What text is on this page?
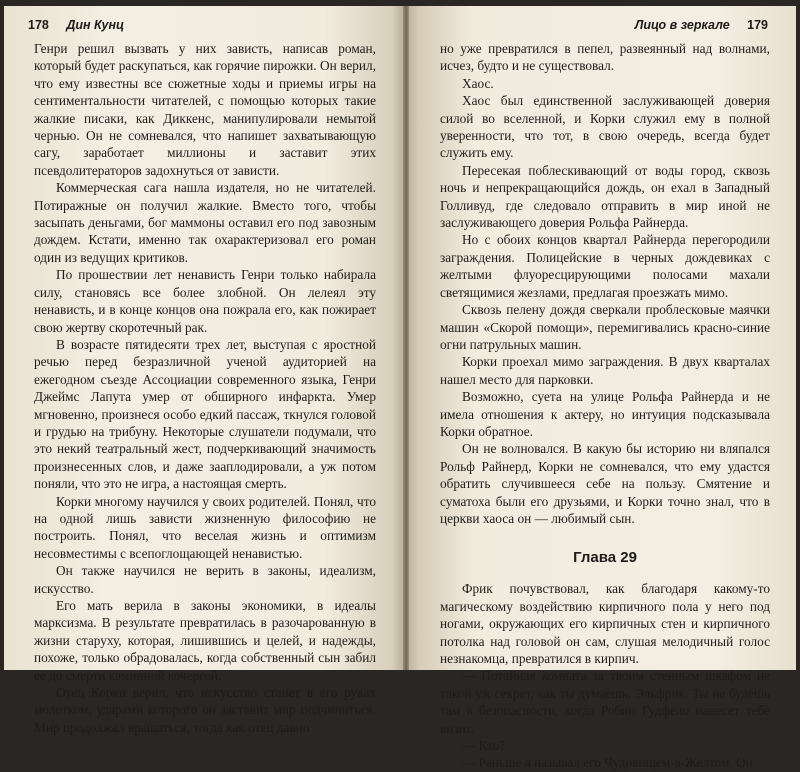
178 Дин Кунц

Генри решил вызвать у них зависть, написав роман, который будет раскупаться, как горячие пирожки. Он верил, что ему известны все сюжетные ходы и приемы игры на сентиментальности читателей, с помощью которых такие жалкие писаки, как Диккенс, манипулировали немытой чернью. Он не сомневался, что напишет захватывающую сагу, заработает миллионы и заставит этих псевдолитераторов задохнуться от зависти.

Коммерческая сага нашла издателя, но не читателей. Потиражные он получил жалкие. Вместо того, чтобы засыпать деньгами, бог маммоны оставил его под завозным дождем. Кстати, именно так охарактеризовал его роман один из ведущих критиков.

По прошествии лет ненависть Генри только набирала силу, становясь все более злобной. Он лелеял эту ненависть, и в конце концов она пожрала его, как пожирает свою жертву скоротечный рак.

В возрасте пятидесяти трех лет, выступая с яростной речью перед безразличной ученой аудиторией на ежегодном съезде Ассоциации современного языка, Генри Джеймс Лапута умер от обширного инфаркта. Умер мгновенно, произнеся особо едкий пассаж, ткнулся головой и грудью на трибуну. Некоторые слушатели подумали, что это некий театральный жест, подчеркивающий значимость произнесенных слов, и даже зааплодировали, а уж потом поняли, что это не игра, а настоящая смерть.

Корки многому научился у своих родителей. Понял, что на одной лишь зависти жизненную философию не построить. Понял, что веселая жизнь и оптимизм несовместимы с всепоглощающей ненавистью.

Он также научился не верить в законы, идеализм, искусство.

Его мать верила в законы экономики, в идеалы марксизма. В результате превратилась в разочарованную в жизни старуху, которая, лишившись и целей, и надежды, похоже, только обрадовалась, когда собственный сын забил ее до смерти каминной кочергой.

Отец Корки верил, что искусство станет в его руках молотком, ударами которого он заставит мир подчиниться. Мир продолжал вращаться, тогда как отец давно

Лицо в зеркале 179

но уже превратился в пепел, развеянный над волнами, исчез, будто и не существовал.

Хаос.

Хаос был единственной заслуживающей доверия силой во вселенной, и Корки служил ему в полной уверенности, что тот, в свою очередь, всегда будет служить ему.

Пересекая поблескивающий от воды город, сквозь ночь и непрекращающийся дождь, он ехал в Западный Голливуд, где следовало отправить в мир иной не заслуживающего доверия Рольфа Райнерда.

Но с обоих концов квартал Райнерда перегородили заграждения. Полицейские в черных дождевиках с желтыми флуоресцирующими полосами махали светящимися жезлами, предлагая проезжать мимо.

Сквозь пелену дождя сверкали проблесковые маячки машин «Скорой помощи», перемигивались красно-синие огни патрульных машин.

Корки проехал мимо заграждения. В двух кварталах нашел место для парковки.

Возможно, суета на улице Рольфа Райнерда и не имела отношения к актеру, но интуиция подсказывала Корки обратное.

Он не волновался. В какую бы историю ни вляпался Рольф Райнерд, Корки не сомневался, что ему удастся обратить случившееся себе на пользу. Смятение и суматоха были его друзьями, и Корки точно знал, что в церкви хаоса он — любимый сын.

Глава 29

Фрик почувствовал, как благодаря какому-то магическому воздействию кирпичного пола у него под ногами, окружающих его кирпичных стен и кирпичного потолка над головой он сам, слушая мелодичный голос незнакомца, превратился в кирпич.

— Потайная комната за твоим стенным шкафом не такой уж секрет, как ты думаешь, Эльфрик. Ты не будешь там в безопасности, когда Робин Гудфело нанесет тебе визит.

— Кто?

— Раньше я называл его Чудовищем-в-Желтом. Он
